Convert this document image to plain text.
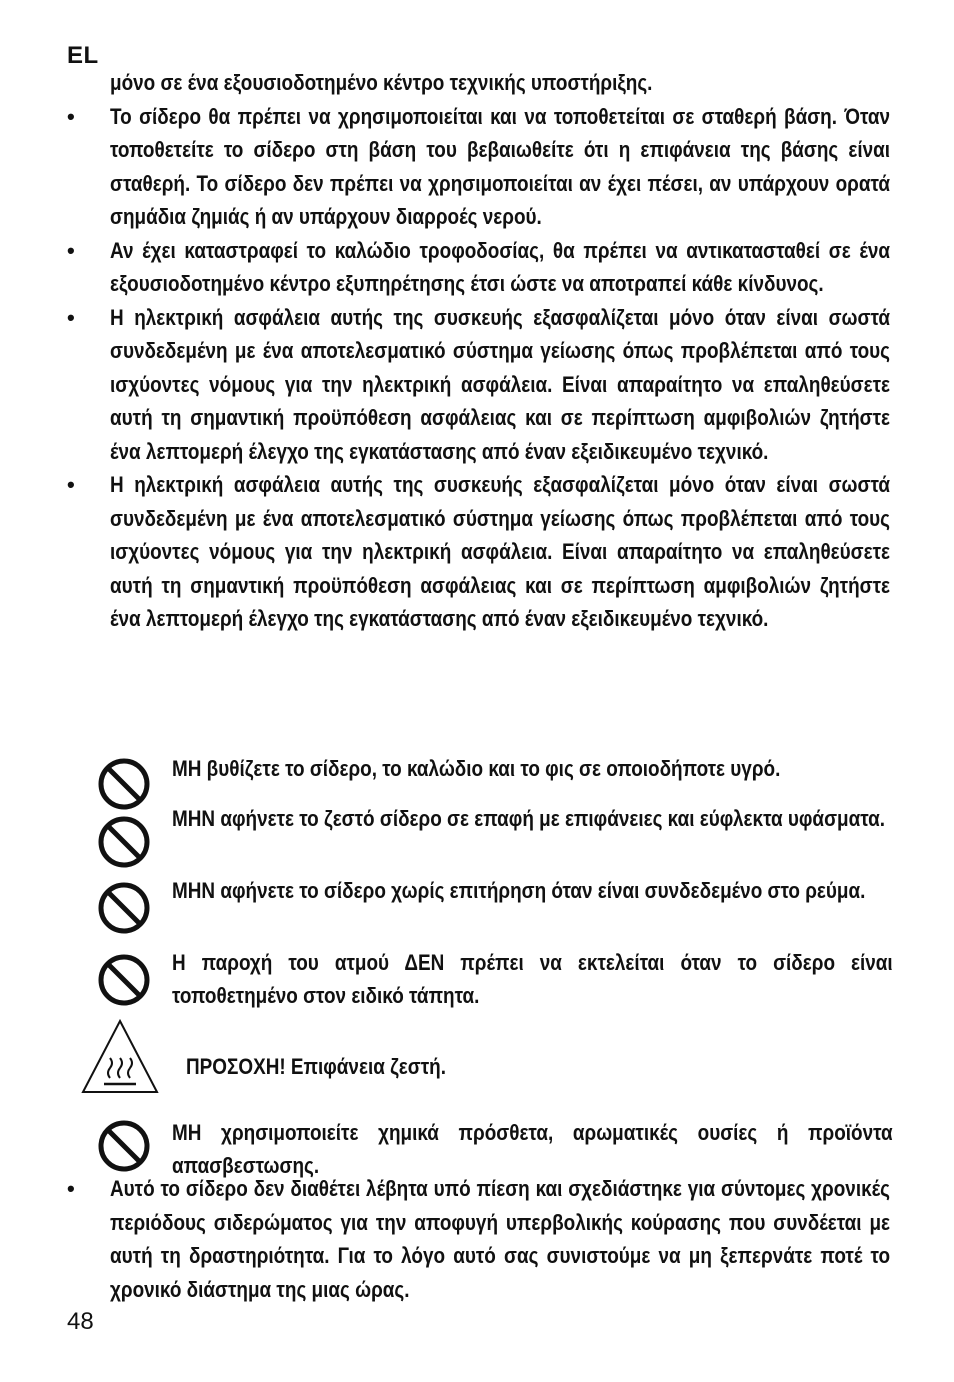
EL
μόνο σε ένα εξουσιοδοτημένο κέντρο τεχνικής υποστήριξης.
•	Το σίδερο θα πρέπει να χρησιμοποιείται και να τοποθετείται σε σταθερή βάση. Όταν τοποθετείτε το σίδερο στη βάση του βεβαιωθείτε ότι η επιφάνεια της βάσης είναι σταθερή. Το σίδερο δεν πρέπει να χρησιμοποιείται αν έχει πέσει, αν υπάρχουν ορατά σημάδια ζημιάς ή αν υπάρχουν διαρροές νερού.
•	Αν έχει καταστραφεί το καλώδιο τροφοδοσίας, θα πρέπει να αντικατασταθεί σε ένα εξουσιοδοτημένο κέντρο εξυπηρέτησης έτσι ώστε να αποτραπεί κάθε κίνδυνος.
•	Η ηλεκτρική ασφάλεια αυτής της συσκευής εξασφαλίζεται μόνο όταν είναι σωστά συνδεδεμένη με ένα αποτελεσματικό σύστημα γείωσης όπως προβλέπεται από τους ισχύοντες νόμους για την ηλεκτρική ασφάλεια. Είναι απαραίτητο να επαληθεύσετε αυτή τη σημαντική προϋπόθεση ασφάλειας και σε περίπτωση αμφιβολιών ζητήστε ένα λεπτομερή έλεγχο της εγκατάστασης από έναν εξειδικευμένο τεχνικό.
•	Η ηλεκτρική ασφάλεια αυτής της συσκευής εξασφαλίζεται μόνο όταν είναι σωστά συνδεδεμένη με ένα αποτελεσματικό σύστημα γείωσης όπως προβλέπεται από τους ισχύοντες νόμους για την ηλεκτρική ασφάλεια. Είναι απαραίτητο να επαληθεύσετε αυτή τη σημαντική προϋπόθεση ασφάλειας και σε περίπτωση αμφιβολιών ζητήστε ένα λεπτομερή έλεγχο της εγκατάστασης από έναν εξειδικευμένο τεχνικό.
ΜΗ βυθίζετε το σίδερο, το καλώδιο και το φις σε οποιοδήποτε υγρό.
ΜΗΝ αφήνετε το ζεστό σίδερο σε επαφή με επιφάνειες και εύφλεκτα υφάσματα.
ΜΗΝ αφήνετε το σίδερο χωρίς επιτήρηση όταν είναι συνδεδεμένο στο ρεύμα.
Η παροχή του ατμού ΔΕΝ πρέπει να εκτελείται όταν το σίδερο είναι τοποθετημένο στον ειδικό τάπητα.
ΠΡΟΣΟΧΗ! Επιφάνεια ζεστή.
ΜΗ χρησιμοποιείτε χημικά πρόσθετα, αρωματικές ουσίες ή προϊόντα απασβεστωσης.
•	Αυτό το σίδερο δεν διαθέτει λέβητα υπό πίεση και σχεδιάστηκε για σύντομες χρονικές περιόδους σιδερώματος για την αποφυγή υπερβολικής κούρασης που συνδέεται με αυτή τη δραστηριότητα. Για το λόγο αυτό σας συνιστούμε να μη ξεπερνάτε ποτέ το χρονικό διάστημα της μιας ώρας.
48
